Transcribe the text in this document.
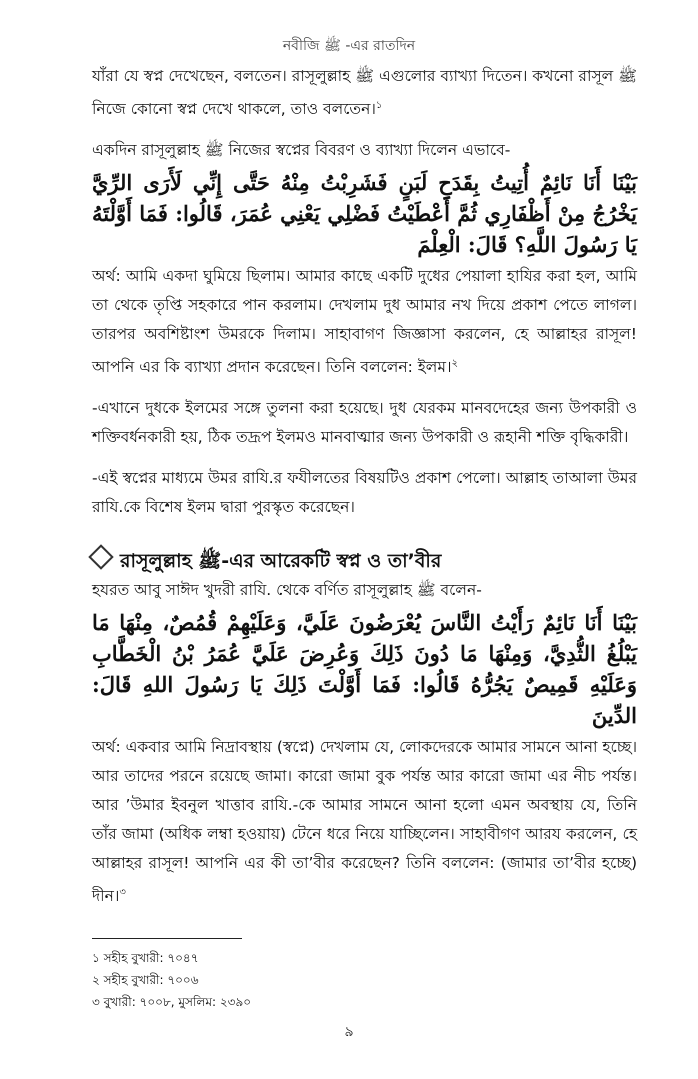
নবীজি ﷺ -এর রাতদিন

যাঁরা যে স্বপ্ন দেখেছেন, বলতেন। রাসূলুল্লাহ ﷺ এগুলোর ব্যাখ্যা দিতেন। কখনো রাসূল ﷺ নিজে কোনো স্বপ্ন দেখে থাকলে, তাও বলতেন।$^১$

একদিন রাসূলুল্লাহ ﷺ নিজের স্বপ্নের বিবরণ ও ব্যাখ্যা দিলেন এভাবে-

بَيْنَا أَنَا نَائِمٌ أُتِيتُ بِقَدَحِ لَبَنٍ فَشَرِبْتُ مِنْهُ حَتَّى إِنِّي لَأَرَى الرِّيَّ يَخْرُجُ مِنْ أَظْفَارِي ثُمَّ أَعْطَيْتُ فَضْلِي يَعْنِي عُمَرَ، قَالُوا: فَمَا أَوَّلْتَهُ يَا رَسُولَ اللَّهِ؟ قَالَ: الْعِلْمَ

অর্থ: আমি একদা ঘুমিয়ে ছিলাম। আমার কাছে একটি দুধের পেয়ালা হাযির করা হল, আমি তা থেকে তৃপ্তি সহকারে পান করলাম। দেখলাম দুধ আমার নখ দিয়ে প্রকাশ পেতে লাগল। তারপর অবশিষ্টাংশ উমরকে দিলাম। সাহাবাগণ জিজ্ঞাসা করলেন, হে আল্লাহর রাসূল! আপনি এর কি ব্যাখ্যা প্রদান করেছেন। তিনি বললেন: ইলম।$^২$

-এখানে দুধকে ইলমের সঙ্গে তুলনা করা হয়েছে। দুধ যেরকম মানবদেহের জন্য উপকারী ও শক্তিবর্ধনকারী হয়, ঠিক তদ্রূপ ইলমও মানবাত্মার জন্য উপকারী ও রূহানী শক্তি বৃদ্ধিকারী।

-এই স্বপ্নের মাধ্যমে উমর রাযি.র ফযীলতের বিষয়টিও প্রকাশ পেলো। আল্লাহ তাআলা উমর রাযি.কে বিশেষ ইলম দ্বারা পুরস্কৃত করেছেন।

রাসূলুল্লাহ ﷺ-এর আরেকটি স্বপ্ন ও তা’বীর

হযরত আবু সাঈদ খুদরী রাযি. থেকে বর্ণিত রাসূলুল্লাহ ﷺ বলেন-

بَيْنَا أَنَا نَائِمٌ رَأَيْتُ النَّاسَ يُعْرَضُونَ عَلَيَّ، وَعَلَيْهِمْ قُمُصٌ، مِنْهَا مَا يَبْلُغُ الثُّدِيَّ، وَمِنْهَا مَا دُونَ ذَلِكَ وَعُرِضَ عَلَيَّ عُمَرُ بْنُ الْخَطَّابِ وَعَلَيْهِ قَمِيصٌ يَجُرُّهُ قَالُوا: فَمَا أَوَّلْتَ ذَلِكَ يَا رَسُولَ اللهِ قَالَ: الدِّينَ

অর্থ: একবার আমি নিদ্রাবস্থায় (স্বপ্নে) দেখলাম যে, লোকদেরকে আমার সামনে আনা হচ্ছে। আর তাদের পরনে রয়েছে জামা। কারো জামা বুক পর্যন্ত আর কারো জামা এর নীচ পর্যন্ত। আর ’উমার ইবনুল খাত্তাব রাযি.-কে আমার সামনে আনা হলো এমন অবস্থায় যে, তিনি তাঁর জামা (অধিক লম্বা হওয়ায়) টেনে ধরে নিয়ে যাচ্ছিলেন। সাহাবীগণ আরয করলেন, হে আল্লাহর রাসূল! আপনি এর কী তা’বীর করেছেন? তিনি বললেন: (জামার তা’বীর হচ্ছে) দীন।$^৩$

১ সহীহ বুখারী: ৭০৪৭
২ সহীহ বুখারী: ৭০০৬
৩ বুখারী: ৭০০৮, মুসলিম: ২৩৯০
৯
